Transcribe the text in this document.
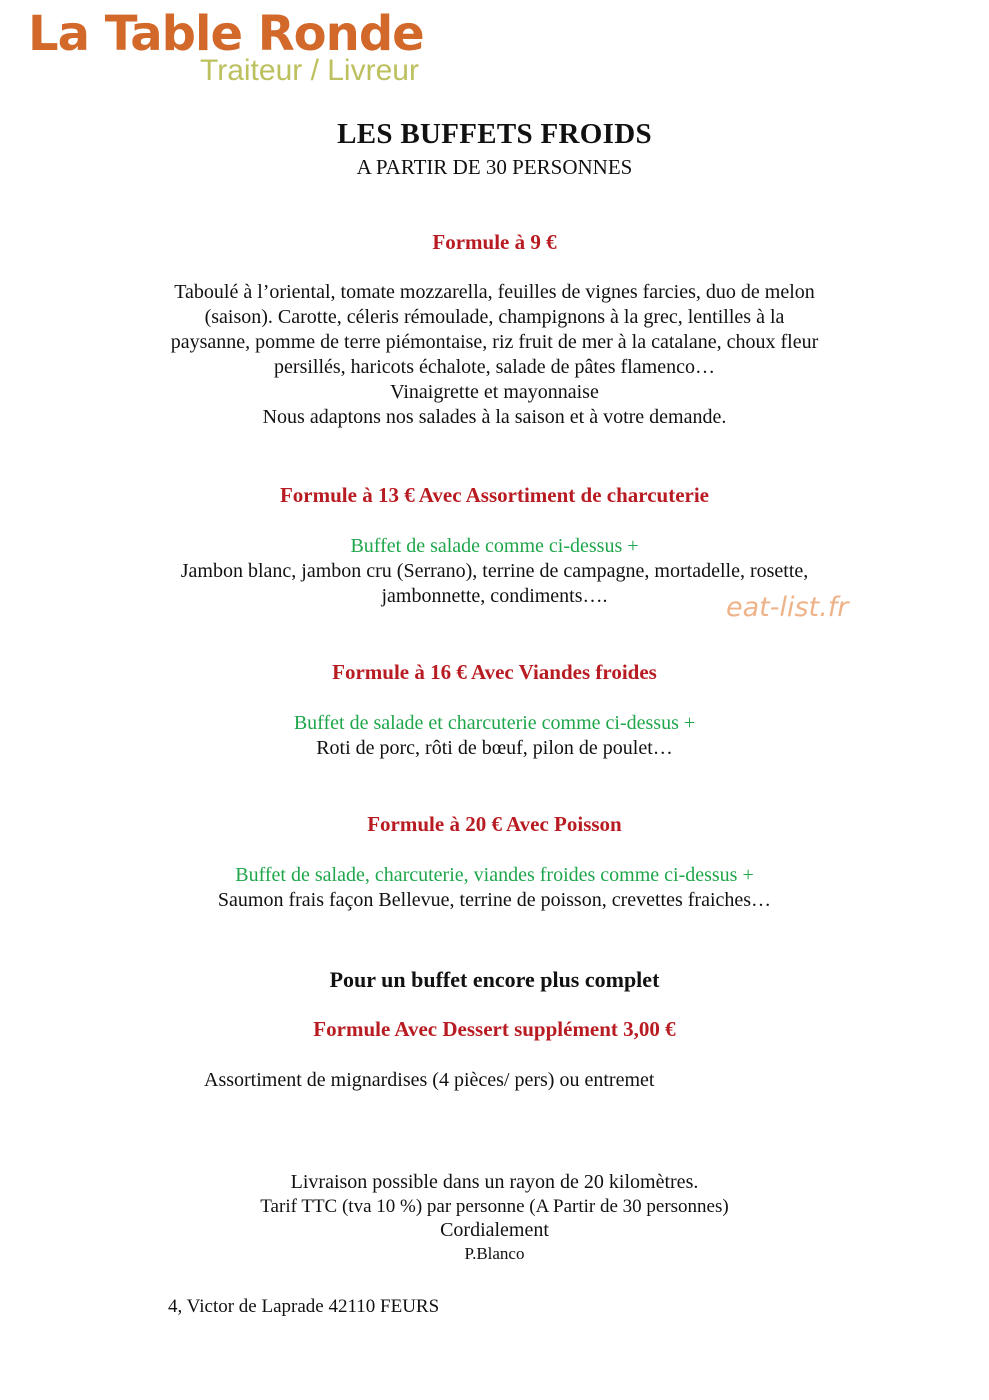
La Table Ronde
Traiteur / Livreur
LES BUFFETS FROIDS
A PARTIR DE 30 PERSONNES
Formule à 9 €
Taboulé à l’oriental, tomate mozzarella, feuilles de vignes farcies, duo de melon
(saison). Carotte, céleris rémoulade, champignons à la grec, lentilles à la
paysanne, pomme de terre piémontaise, riz fruit de mer à la catalane, choux fleur
persillés, haricots échalote, salade de pâtes flamenco…
Vinaigrette et mayonnaise
Nous adaptons nos salades à la saison et à votre demande.
Formule à 13 € Avec Assortiment de charcuterie
Buffet de salade comme ci-dessus +
Jambon blanc, jambon cru (Serrano), terrine de campagne, mortadelle, rosette,
jambonnette, condiments….	eat-list.fr
Formule à 16 € Avec Viandes froides
Buffet de salade et charcuterie comme ci-dessus +
Roti de porc, rôti de bœuf, pilon de poulet…
Formule à 20 € Avec Poisson
Buffet de salade, charcuterie, viandes froides comme ci-dessus +
Saumon frais façon Bellevue, terrine de poisson, crevettes fraiches…
Pour un buffet encore plus complet
Formule Avec Dessert supplément 3,00 €
Assortiment de mignardises (4 pièces/ pers) ou entremet
Livraison possible dans un rayon de 20 kilomètres.
Tarif TTC (tva 10 %) par personne (A Partir de 30 personnes)
Cordialement
P.Blanco
4, Victor de Laprade 42110 FEURS
